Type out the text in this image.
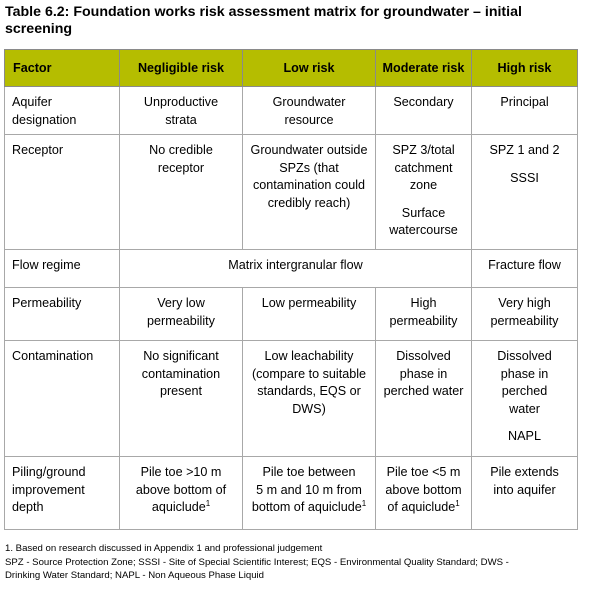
Table 6.2: Foundation works risk assessment matrix for groundwater – initial
screening
Factor	Negligible risk	Low risk	Moderate risk	High risk
Aquifer
designation	Unproductive
strata	Groundwater
resource	Secondary	Principal
Receptor	No credible
receptor	Groundwater outside
SPZs (that
contamination could
credibly reach)	SPZ 3/total
catchment
zone
Surface
watercourse	SPZ 1 and 2
SSSI

Flow regime	Matrix intergranular flow			Fracture flow
Permeability	Very low
permeability	Low permeability	High
permeability	Very high
permeability
Contamination	No significant
contamination
present	Low leachability
(compare to suitable
standards, EQS or
DWS)	Dissolved
phase in
perched water	Dissolved
phase in
perched
water
NAPL

Piling/ground
improvement
depth	Pile toe >10 m
above bottom of
aquiclude$^1$	Pile toe between
5 m and 10 m from
bottom of aquiclude$^1$	Pile toe <5 m
above bottom
of aquiclude$^1$	Pile extends
into aquifer
1. Based on research discussed in Appendix 1 and professional judgement
SPZ - Source Protection Zone; SSSI - Site of Special Scientific Interest; EQS - Environmental Quality Standard; DWS -
Drinking Water Standard; NAPL - Non Aqueous Phase Liquid
